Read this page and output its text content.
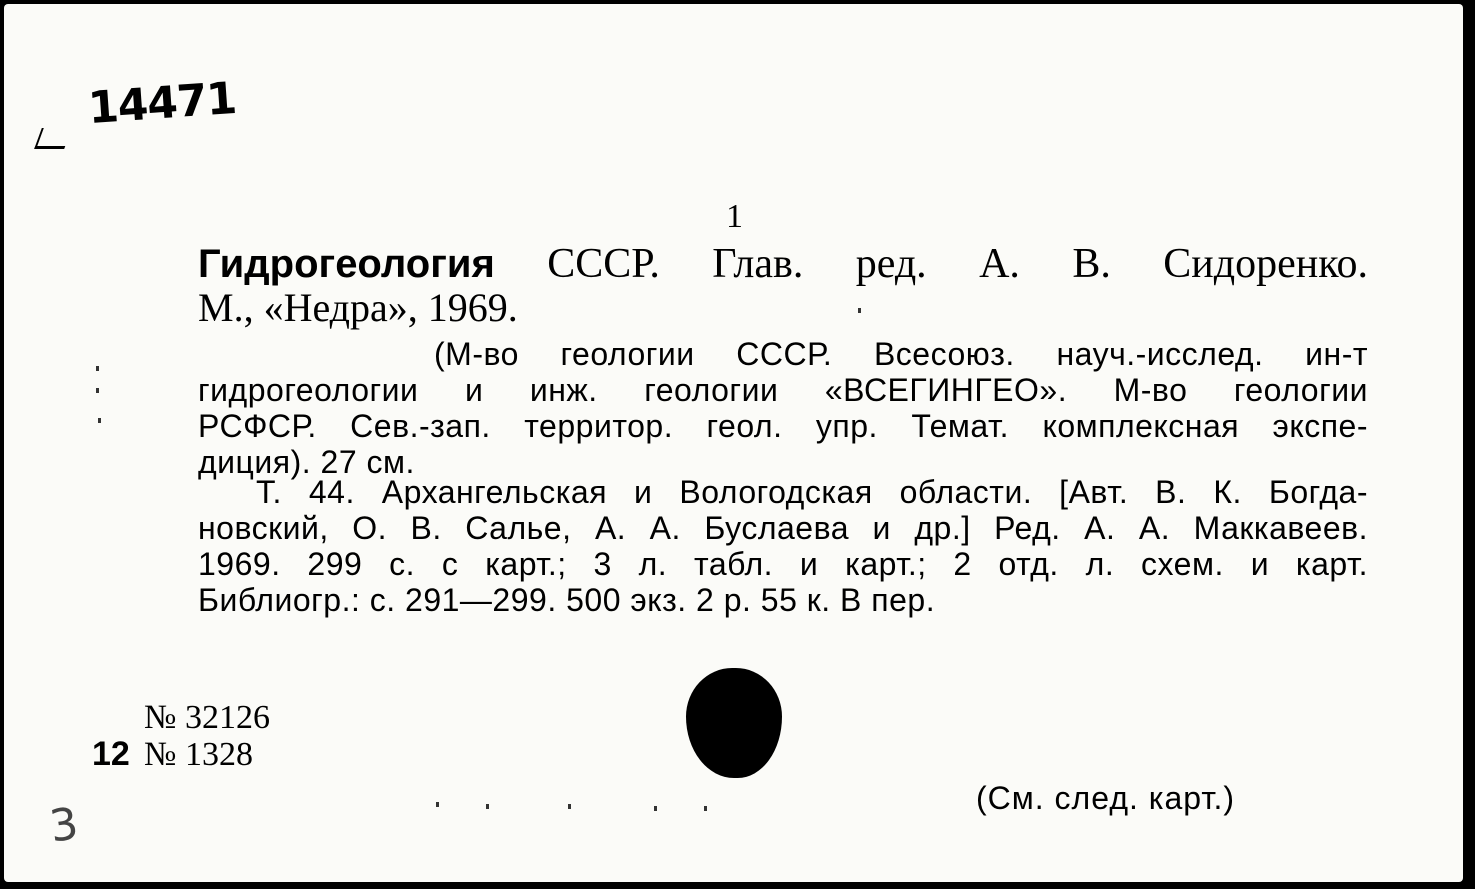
14471
1
Гидрогеология СССР. Глав. ред. А. В. Сидоренко.
М., «Недра», 1969.
(М-во геологии СССР. Всесоюз. науч.-исслед. ин-т
гидрогеологии и инж. геологии «ВСЕГИНГЕО». М-во геологии
РСФСР. Сев.-зап. территор. геол. упр. Темат. комплексная экспе-
диция). 27 см.
Т. 44. Архангельская и Вологодская области. [Авт. В. К. Богда-
новский, О. В. Салье, А. А. Буслаева и др.] Ред. А. А. Маккавеев.
1969. 299 с. с карт.; 3 л. табл. и карт.; 2 отд. л. схем. и карт.
Библиогр.: с. 291—299. 500 экз. 2 р. 55 к. В пер.
№ 32126
12 № 1328
(См. след. карт.)
3
